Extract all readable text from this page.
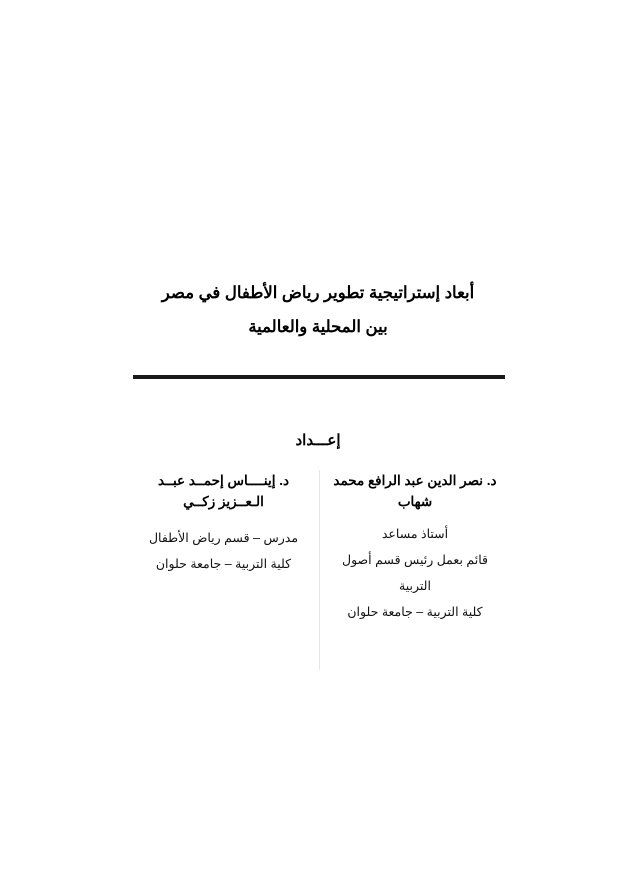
أبعاد إستراتيجية تطوير رياض الأطفال في مصر
بين المحلية والعالمية
إعـــداد
د. نصر الدين عبد الرافع محمد شهاب
أستاذ مساعد
قائم بعمل رئيس قسم أصول التربية
كلية التربية – جامعة حلوان
د. إينــــاس إحمــد عبــد الـعــزيز زكــي
مدرس – قسم رياض الأطفال
كلية التربية – جامعة حلوان
